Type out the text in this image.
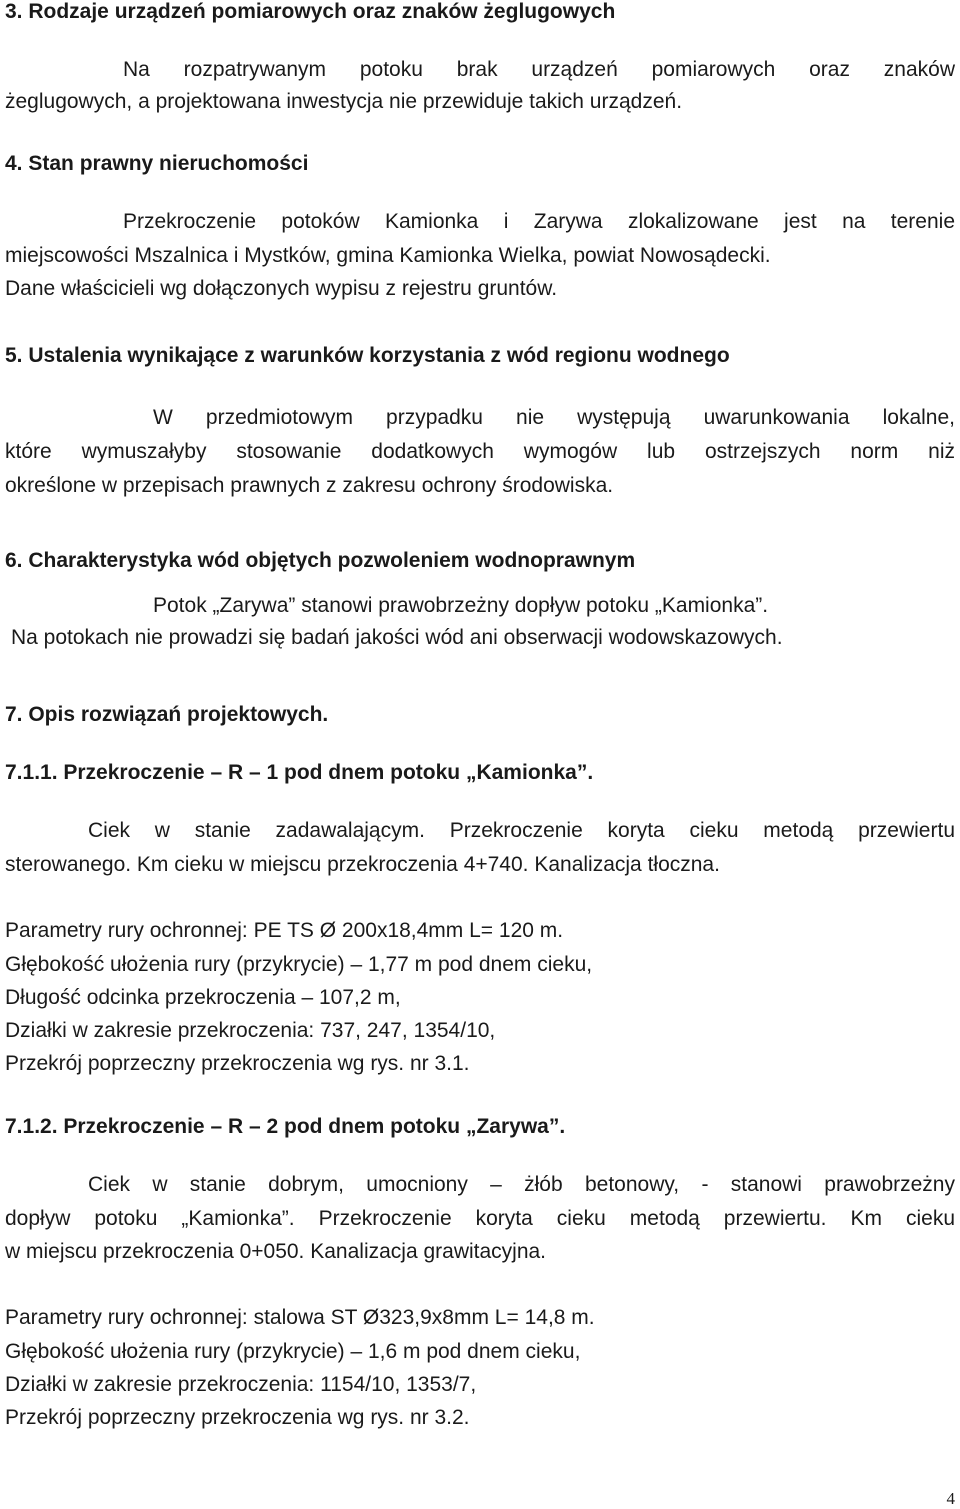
3. Rodzaje urządzeń pomiarowych oraz znaków żeglugowych

Na rozpatrywanym potoku brak urządzeń pomiarowych oraz znaków

żeglugowych, a projektowana inwestycja nie przewiduje takich urządzeń.

4. Stan prawny nieruchomości

Przekroczenie potoków Kamionka i Zarywa zlokalizowane jest na terenie

miejscowości Mszalnica i Mystków, gmina Kamionka Wielka, powiat Nowosądecki.

Dane właścicieli wg dołączonych wypisu z rejestru gruntów.

5. Ustalenia wynikające z warunków korzystania z wód regionu wodnego

W przedmiotowym przypadku nie występują uwarunkowania lokalne,

które wymuszałyby stosowanie dodatkowych wymogów lub ostrzejszych norm niż

określone w przepisach prawnych z zakresu ochrony środowiska.

6. Charakterystyka wód objętych pozwoleniem wodnoprawnym

Potok „Zarywa” stanowi prawobrzeżny dopływ potoku „Kamionka”.

Na potokach nie prowadzi się badań jakości wód ani obserwacji wodowskazowych.

7. Opis rozwiązań projektowych.

7.1.1. Przekroczenie – R – 1 pod dnem potoku „Kamionka”.

Ciek w stanie zadawalającym. Przekroczenie koryta cieku metodą przewiertu

sterowanego. Km cieku w miejscu przekroczenia 4+740. Kanalizacja tłoczna.

Parametry rury ochronnej: PE TS Ø 200x18,4mm L= 120 m.

Głębokość ułożenia rury (przykrycie) – 1,77 m pod dnem cieku,

Długość odcinka przekroczenia – 107,2 m,

Działki w zakresie przekroczenia: 737, 247, 1354/10,

Przekrój poprzeczny przekroczenia wg rys. nr 3.1.

7.1.2. Przekroczenie – R – 2 pod dnem potoku „Zarywa”.

Ciek w stanie dobrym, umocniony – żłób betonowy, - stanowi prawobrzeżny

dopływ potoku „Kamionka”. Przekroczenie koryta cieku metodą przewiertu. Km cieku

w miejscu przekroczenia 0+050. Kanalizacja grawitacyjna.

Parametry rury ochronnej: stalowa ST Ø323,9x8mm L= 14,8 m.

Głębokość ułożenia rury (przykrycie) – 1,6 m pod dnem cieku,

Działki w zakresie przekroczenia: 1154/10, 1353/7,

Przekrój poprzeczny przekroczenia wg rys. nr 3.2.

4
